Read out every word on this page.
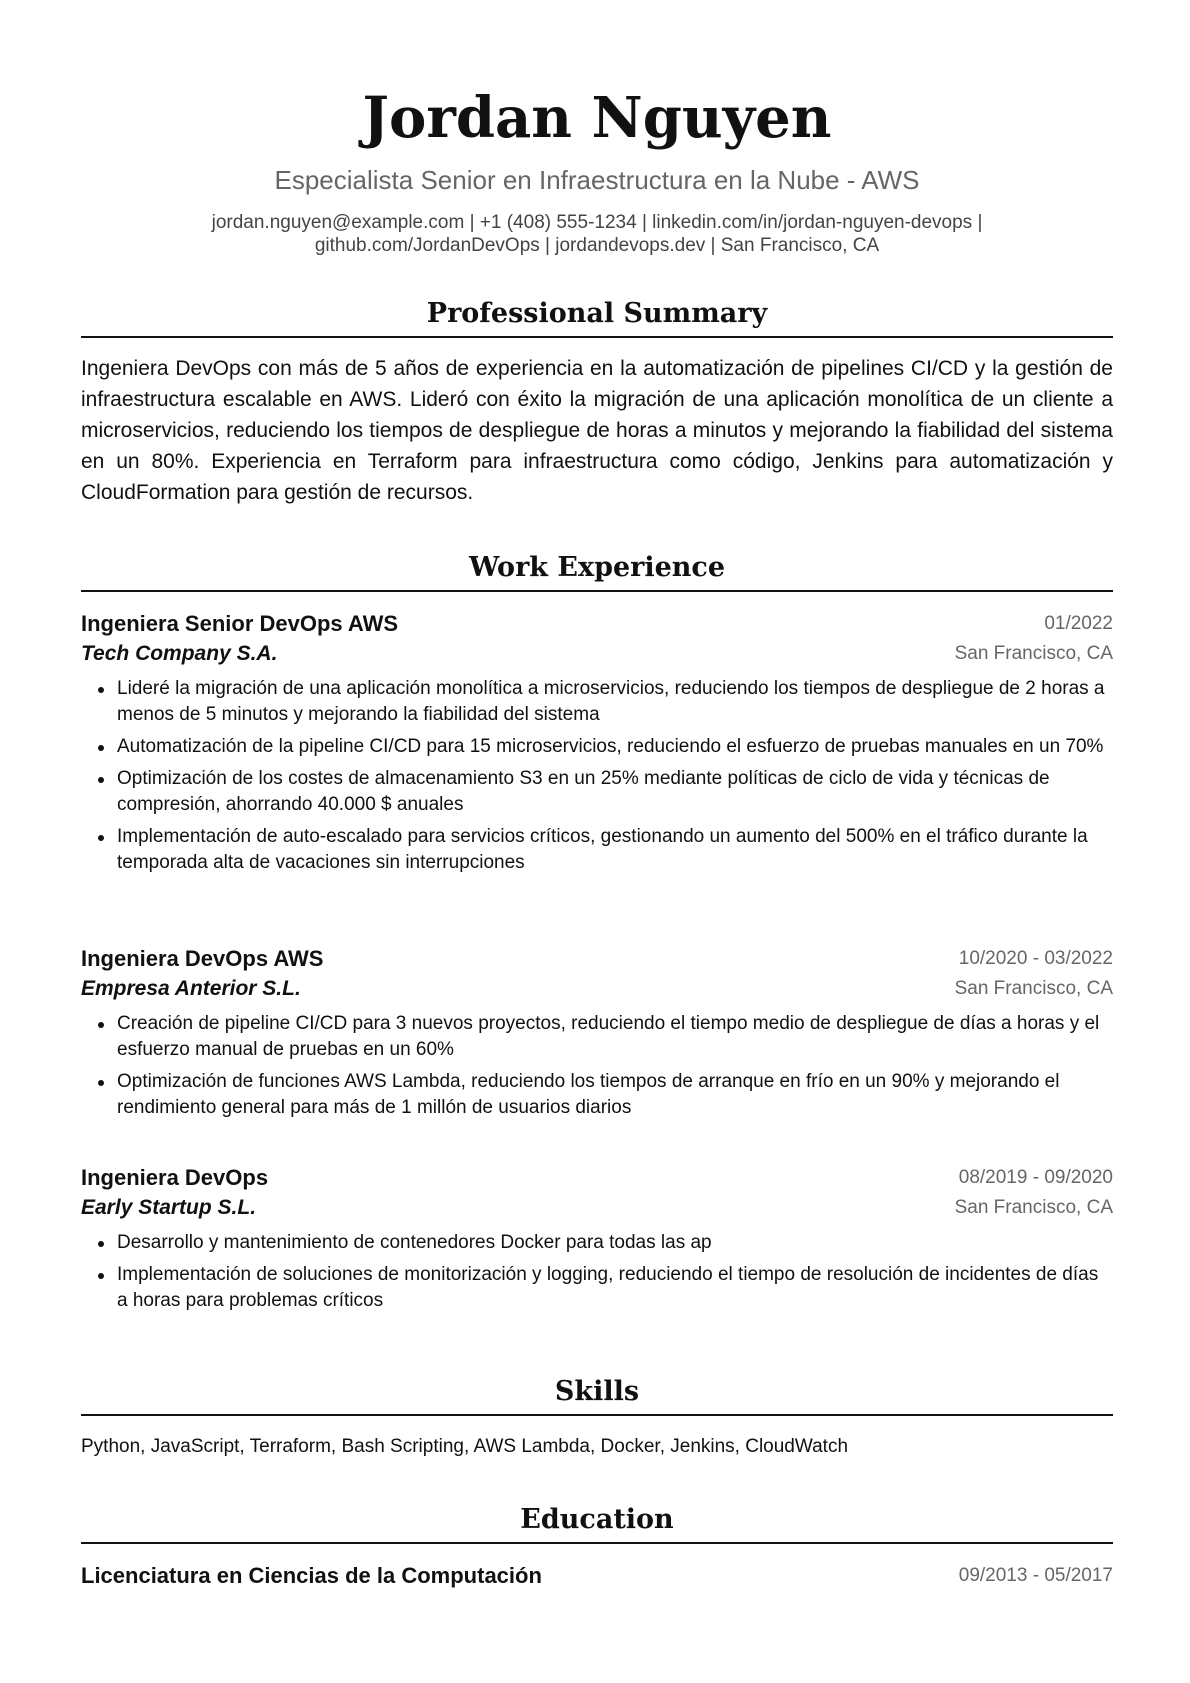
Jordan Nguyen
Especialista Senior en Infraestructura en la Nube - AWS
jordan.nguyen@example.com | +1 (408) 555-1234 | linkedin.com/in/jordan-nguyen-devops |
github.com/JordanDevOps | jordandevops.dev | San Francisco, CA
Professional Summary
Ingeniera DevOps con más de 5 años de experiencia en la automatización de pipelines CI/CD y la gestión de infraestructura escalable en AWS. Lideró con éxito la migración de una aplicación monolítica de un cliente a microservicios, reduciendo los tiempos de despliegue de horas a minutos y mejorando la fiabilidad del sistema en un 80%. Experiencia en Terraform para infraestructura como código, Jenkins para automatización y CloudFormation para gestión de recursos.
Work Experience
Ingeniera Senior DevOps AWS	01/2022
Tech Company S.A.	San Francisco, CA
Lideré la migración de una aplicación monolítica a microservicios, reduciendo los tiempos de despliegue de 2 horas a menos de 5 minutos y mejorando la fiabilidad del sistema
Automatización de la pipeline CI/CD para 15 microservicios, reduciendo el esfuerzo de pruebas manuales en un 70%
Optimización de los costes de almacenamiento S3 en un 25% mediante políticas de ciclo de vida y técnicas de compresión, ahorrando 40.000 $ anuales
Implementación de auto-escalado para servicios críticos, gestionando un aumento del 500% en el tráfico durante la temporada alta de vacaciones sin interrupciones
Ingeniera DevOps AWS	10/2020 - 03/2022
Empresa Anterior S.L.	San Francisco, CA
Creación de pipeline CI/CD para 3 nuevos proyectos, reduciendo el tiempo medio de despliegue de días a horas y el esfuerzo manual de pruebas en un 60%
Optimización de funciones AWS Lambda, reduciendo los tiempos de arranque en frío en un 90% y mejorando el rendimiento general para más de 1 millón de usuarios diarios
Ingeniera DevOps	08/2019 - 09/2020
Early Startup S.L.	San Francisco, CA
Desarrollo y mantenimiento de contenedores Docker para todas las ap
Implementación de soluciones de monitorización y logging, reduciendo el tiempo de resolución de incidentes de días a horas para problemas críticos
Skills
Python, JavaScript, Terraform, Bash Scripting, AWS Lambda, Docker, Jenkins, CloudWatch
Education
Licenciatura en Ciencias de la Computación	09/2013 - 05/2017
